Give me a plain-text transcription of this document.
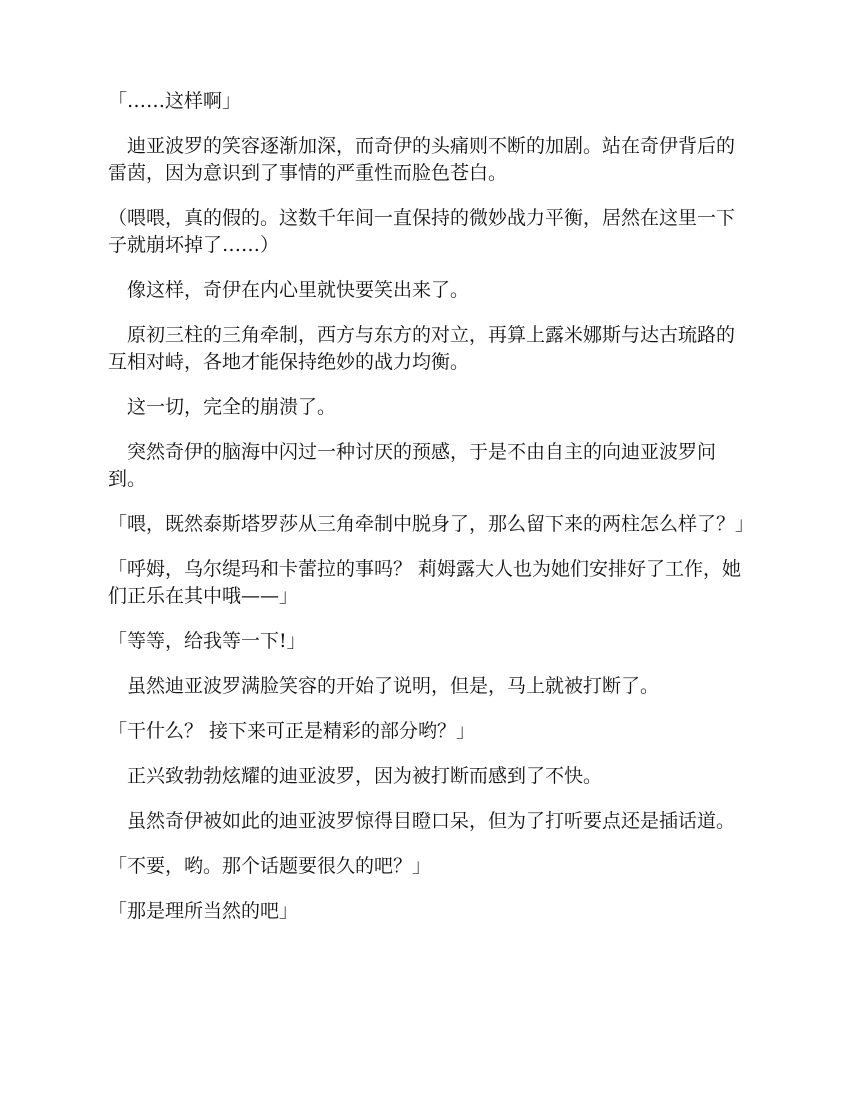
「……这样啊」

迪亚波罗的笑容逐渐加深，而奇伊的头痛则不断的加剧。站在奇伊背后的雷茵，因为意识到了事情的严重性而脸色苍白。

（喂喂，真的假的。这数千年间一直保持的微妙战力平衡，居然在这里一下子就崩坏掉了……）

像这样，奇伊在内心里就快要笑出来了。

原初三柱的三角牵制，西方与东方的对立，再算上露米娜斯与达古琉路的互相对峙，各地才能保持绝妙的战力均衡。

这一切，完全的崩溃了。

突然奇伊的脑海中闪过一种讨厌的预感，于是不由自主的向迪亚波罗问到。

「喂，既然泰斯塔罗莎从三角牵制中脱身了，那么留下来的两柱怎么样了？」

「呼姆，乌尔缇玛和卡蕾拉的事吗？ 莉姆露大人也为她们安排好了工作，她们正乐在其中哦——」

「等等，给我等一下!」

虽然迪亚波罗满脸笑容的开始了说明，但是，马上就被打断了。

「干什么？ 接下来可正是精彩的部分哟？」

正兴致勃勃炫耀的迪亚波罗，因为被打断而感到了不快。

虽然奇伊被如此的迪亚波罗惊得目瞪口呆，但为了打听要点还是插话道。

「不要，哟。那个话题要很久的吧？」

「那是理所当然的吧」
